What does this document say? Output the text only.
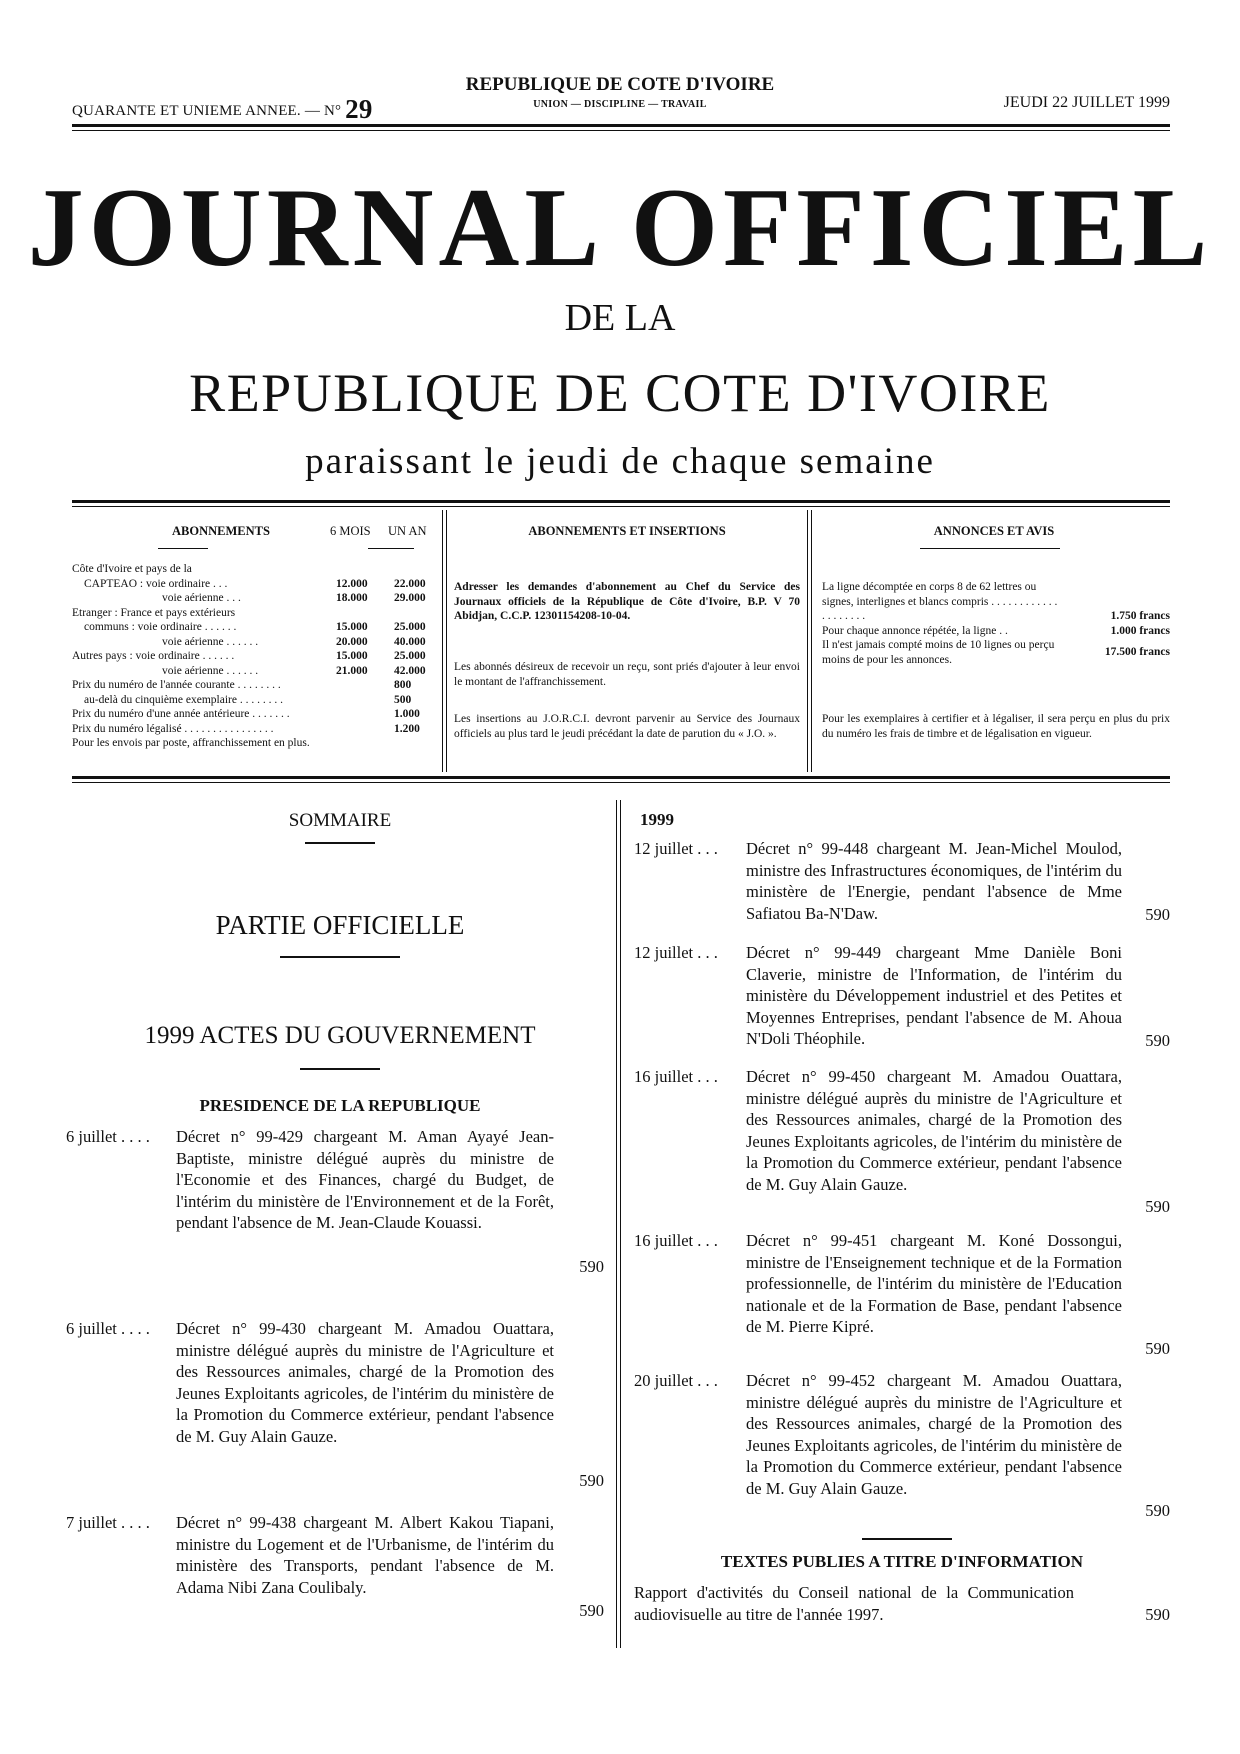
QUARANTE ET UNIEME ANNEE. — N° 29
REPUBLIQUE DE COTE D'IVOIRE
UNION — DISCIPLINE — TRAVAIL	JEUDI 22 JUILLET 1999
JOURNAL OFFICIEL
DE LA
REPUBLIQUE DE COTE D'IVOIRE
paraissant le jeudi de chaque semaine
ABONNEMENTS	6 MOIS	UN AN
Côte d'Ivoire et pays de la
CAPTEAO : voie ordinaire . . .	12.000	22.000
voie aérienne . . .	18.000	29.000
Etranger : France et pays extérieurs
communs : voie ordinaire . . . . . .	15.000	25.000
voie aérienne . . . . . .	20.000	40.000
Autres pays : voie ordinaire . . . . . .	15.000	25.000
voie aérienne . . . . . .	21.000	42.000
Prix du numéro de l'année courante . . . . . . . .	800
au-delà du cinquième exemplaire . . . . . . . .	500
Prix du numéro d'une année antérieure . . . . . . .	1.000
Prix du numéro légalisé . . . . . . . . . . . . . . . .	1.200
Pour les envois par poste, affranchissement en plus.
ABONNEMENTS ET INSERTIONS
Adresser les demandes d'abonnement au Chef du Service des Journaux officiels de la République de Côte d'Ivoire, B.P. V 70 Abidjan, C.C.P. 12301154208-10-04.
Les abonnés désireux de recevoir un reçu, sont priés d'ajouter à leur envoi le montant de l'affranchissement.
Les insertions au J.O.R.C.I. devront parvenir au Service des Journaux officiels au plus tard le jeudi précédant la date de parution du « J.O. ».
ANNONCES ET AVIS
La ligne décomptée en corps 8 de 62 lettres ou signes, interlignes et blancs compris . . . . . . . . . . . . . . . . . . . .	1.750 francs
Pour chaque annonce répétée, la ligne . .	1.000 francs
Il n'est jamais compté moins de 10 lignes ou perçu moins de pour les annonces.
17.500 francs
Pour les exemplaires à certifier et à légaliser, il sera perçu en plus du prix du numéro les frais de timbre et de légalisation en vigueur.
SOMMAIRE
PARTIE OFFICIELLE
1999 ACTES DU GOUVERNEMENT
PRESIDENCE DE LA REPUBLIQUE
6 juillet . . . . Décret n° 99-429 chargeant M. Aman Ayayé Jean-Baptiste, ministre délégué auprès du ministre de l'Economie et des Finances, chargé du Budget, de l'intérim du ministère de l'Environnement et de la Forêt, pendant l'absence de M. Jean-Claude Kouassi.
590
6 juillet . . . . Décret n° 99-430 chargeant M. Amadou Ouattara, ministre délégué auprès du ministre de l'Agriculture et des Ressources animales, chargé de la Promotion des Jeunes Exploitants agricoles, de l'intérim du ministère de la Promotion du Commerce extérieur, pendant l'absence de M. Guy Alain Gauze.
590
7 juillet . . . . Décret n° 99-438 chargeant M. Albert Kakou Tiapani, ministre du Logement et de l'Urbanisme, de l'intérim du ministère des Transports, pendant l'absence de M. Adama Nibi Zana Coulibaly.
590
1999
12 juillet . . . Décret n° 99-448 chargeant M. Jean-Michel Moulod, ministre des Infrastructures économiques, de l'intérim du ministère de l'Energie, pendant l'absence de Mme Safiatou Ba-N'Daw.	590
12 juillet . . . Décret n° 99-449 chargeant Mme Danièle Boni Claverie, ministre de l'Information, de l'intérim du ministère du Développement industriel et des Petites et Moyennes Entreprises, pendant l'absence de M. Ahoua N'Doli Théophile.	590
16 juillet . . . Décret n° 99-450 chargeant M. Amadou Ouattara, ministre délégué auprès du ministre de l'Agriculture et des Ressources animales, chargé de la Promotion des Jeunes Exploitants agricoles, de l'intérim du ministère de la Promotion du Commerce extérieur, pendant l'absence de M. Guy Alain Gauze.
590
16 juillet . . . Décret n° 99-451 chargeant M. Koné Dossongui, ministre de l'Enseignement technique et de la Formation professionnelle, de l'intérim du ministère de l'Education nationale et de la Formation de Base, pendant l'absence de M. Pierre Kipré.
590
20 juillet . . . Décret n° 99-452 chargeant M. Amadou Ouattara, ministre délégué auprès du ministre de l'Agriculture et des Ressources animales, chargé de la Promotion des Jeunes Exploitants agricoles, de l'intérim du ministère de la Promotion du Commerce extérieur, pendant l'absence de M. Guy Alain Gauze.
590
TEXTES PUBLIES A TITRE D'INFORMATION
Rapport d'activités du Conseil national de la Communication audiovisuelle au titre de l'année 1997.	590
